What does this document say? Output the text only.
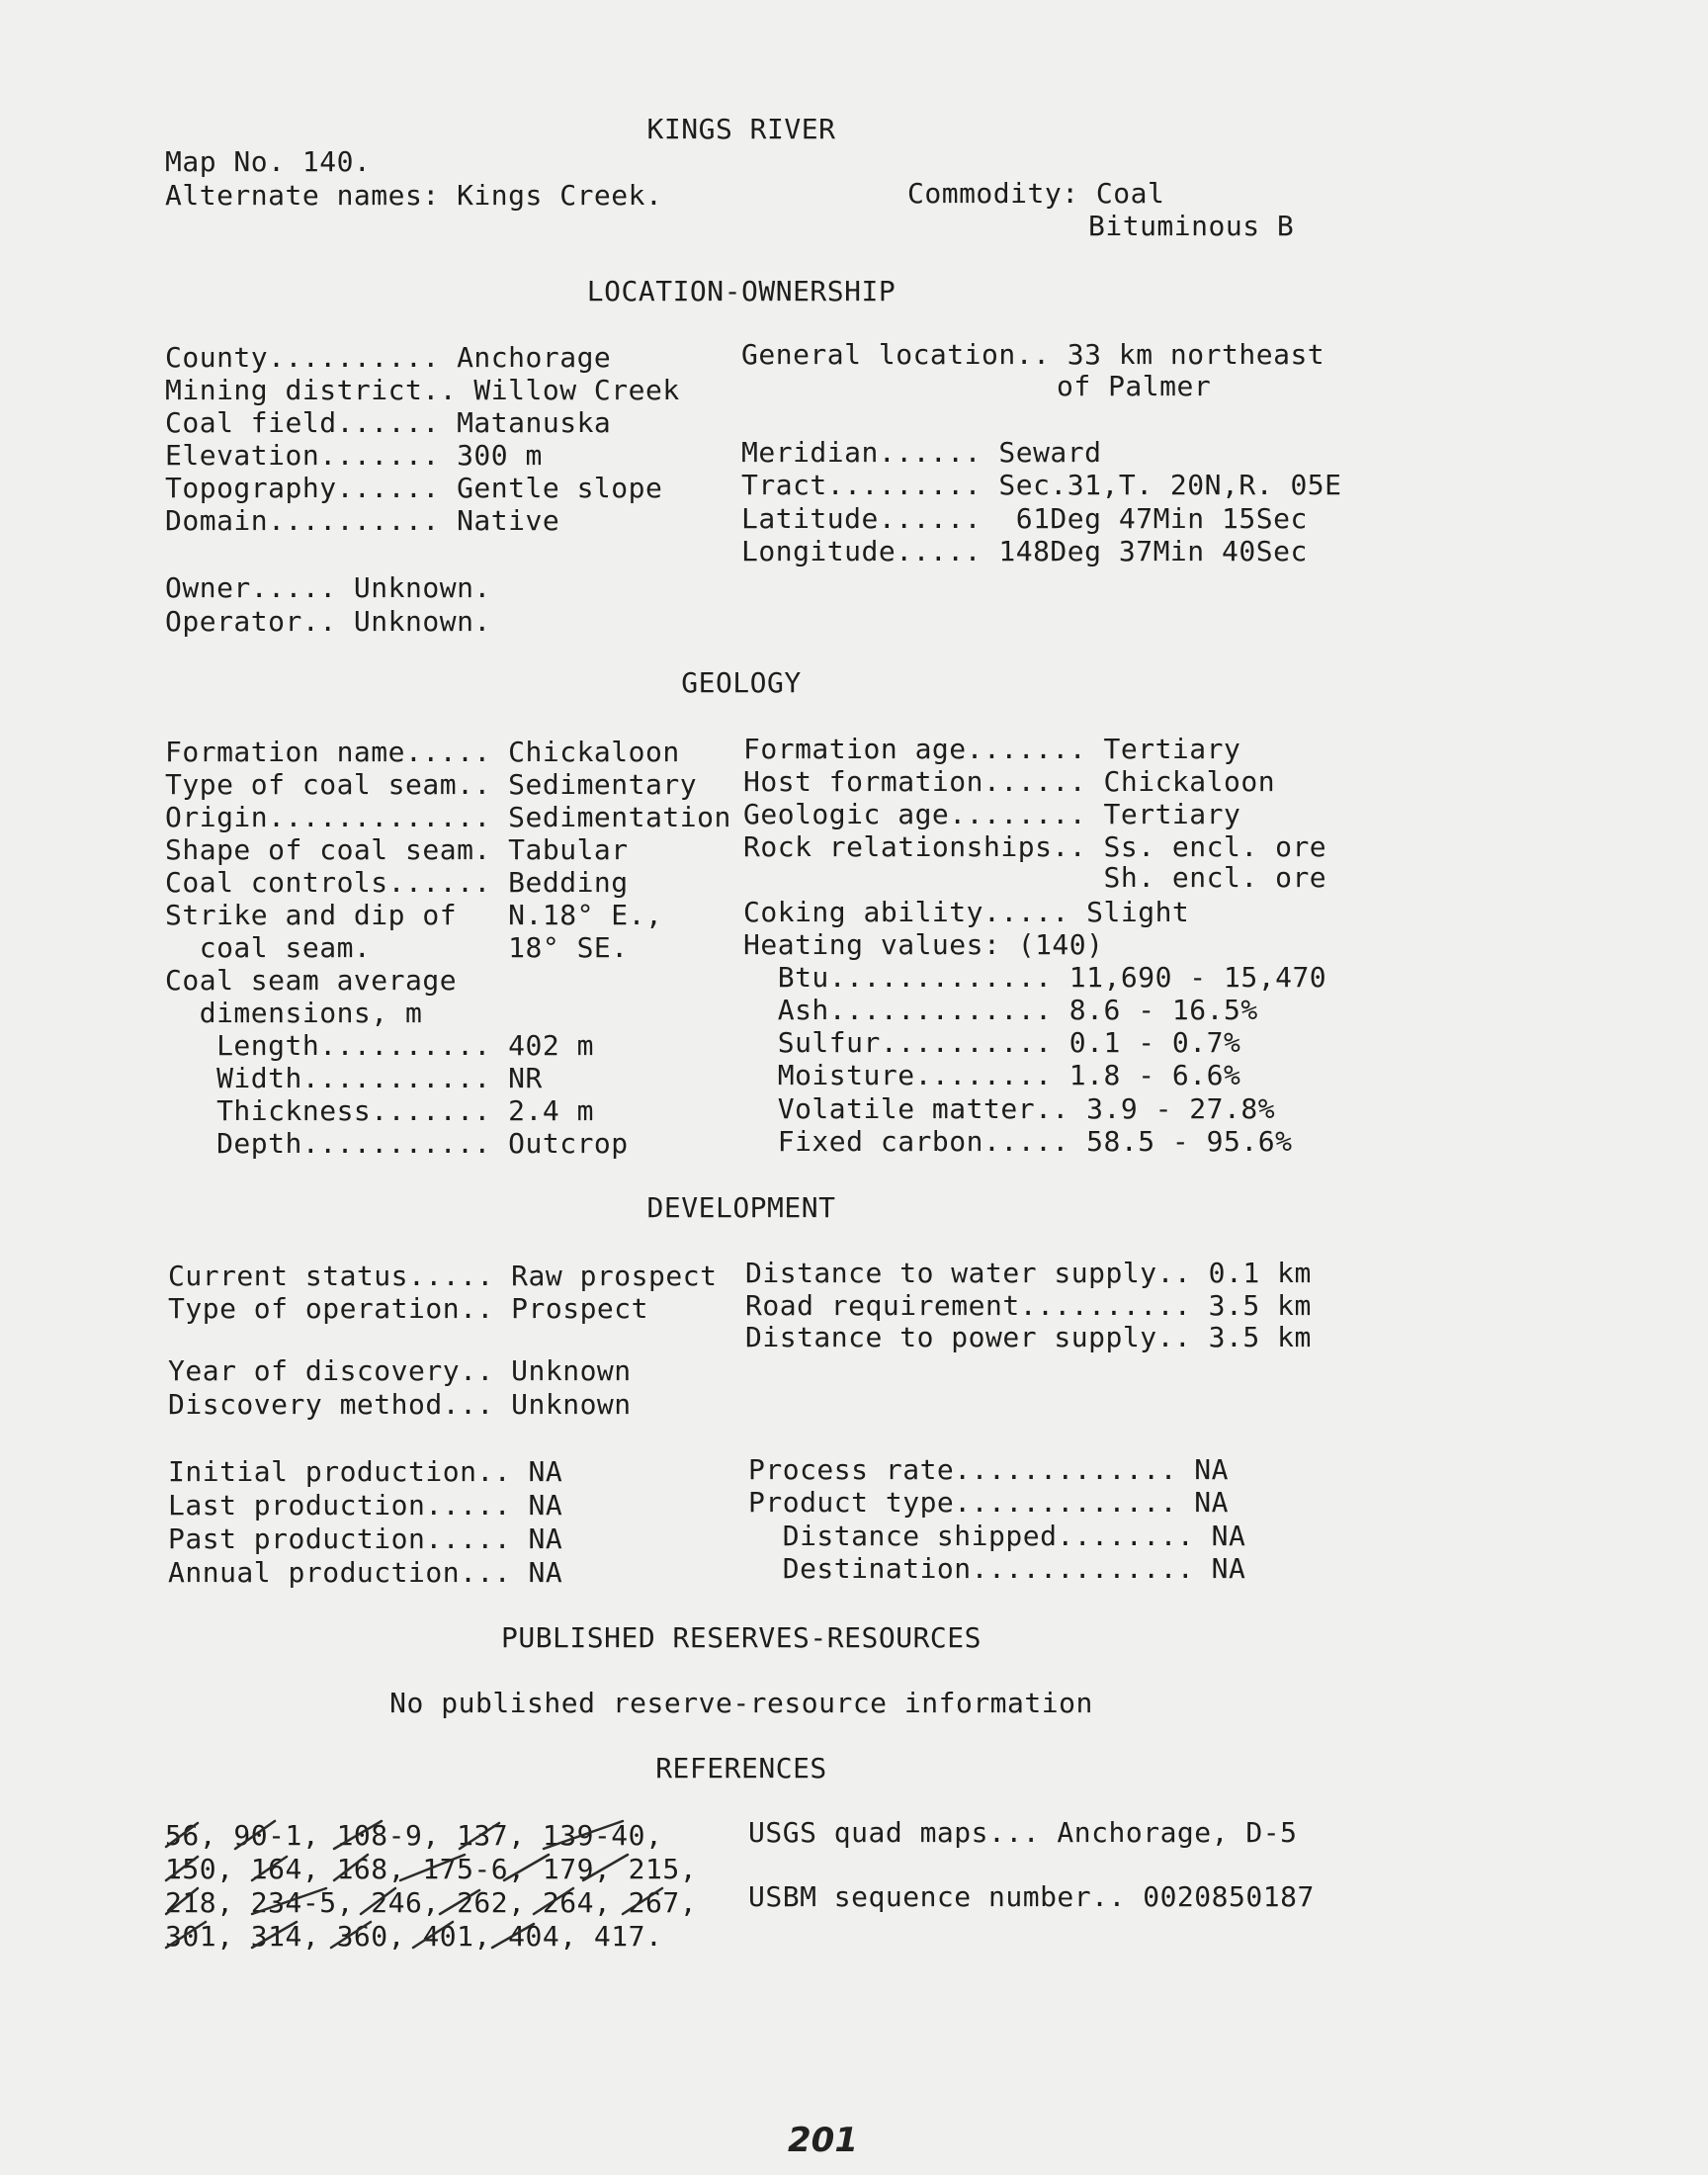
KINGS RIVER
Map No. 140.
Alternate names: Kings Creek.	Commodity: Coal
Bituminous B
LOCATION-OWNERSHIP
County.......... Anchorage
Mining district.. Willow Creek
Coal field...... Matanuska
Elevation....... 300 m
Topography...... Gentle slope
Domain.......... Native
General location.. 33 km northeast
of Palmer
Meridian...... Seward
Tract......... Sec.31,T. 20N,R. 05E
Latitude......  61Deg 47Min 15Sec
Longitude..... 148Deg 37Min 40Sec
Owner..... Unknown.
Operator.. Unknown.
GEOLOGY
Formation name..... Chickaloon
Type of coal seam.. Sedimentary
Origin............. Sedimentation
Shape of coal seam. Tabular
Coal controls...... Bedding
Strike and dip of   N.18° E.,
coal seam.        18° SE.
Coal seam average
dimensions, m
Length.......... 402 m
Width........... NR
Thickness....... 2.4 m
Depth........... Outcrop
Formation age....... Tertiary
Host formation...... Chickaloon
Geologic age........ Tertiary
Rock relationships.. Ss. encl. ore
Sh. encl. ore
Coking ability..... Slight
Heating values: (140)
Btu............. 11,690 - 15,470
Ash............. 8.6 - 16.5%
Sulfur.......... 0.1 - 0.7%
Moisture........ 1.8 - 6.6%
Volatile matter.. 3.9 - 27.8%
Fixed carbon..... 58.5 - 95.6%
DEVELOPMENT
Current status..... Raw prospect
Type of operation.. Prospect
Year of discovery.. Unknown
Discovery method... Unknown
Distance to water supply.. 0.1 km
Road requirement.......... 3.5 km
Distance to power supply.. 3.5 km
Initial production.. NA
Last production..... NA
Past production..... NA
Annual production... NA
Process rate............. NA
Product type............. NA
Distance shipped........ NA
Destination............. NA
PUBLISHED RESERVES-RESOURCES
No published reserve-resource information
REFERENCES
56, 90-1, 108-9, 137, 139-40,
150, 164, 168, 175-6, 179, 215,
218, 234-5, 246, 262, 264, 267,
301, 314, 360, 401, 404, 417.
USGS quad maps... Anchorage, D-5
USBM sequence number.. 0020850187
201
